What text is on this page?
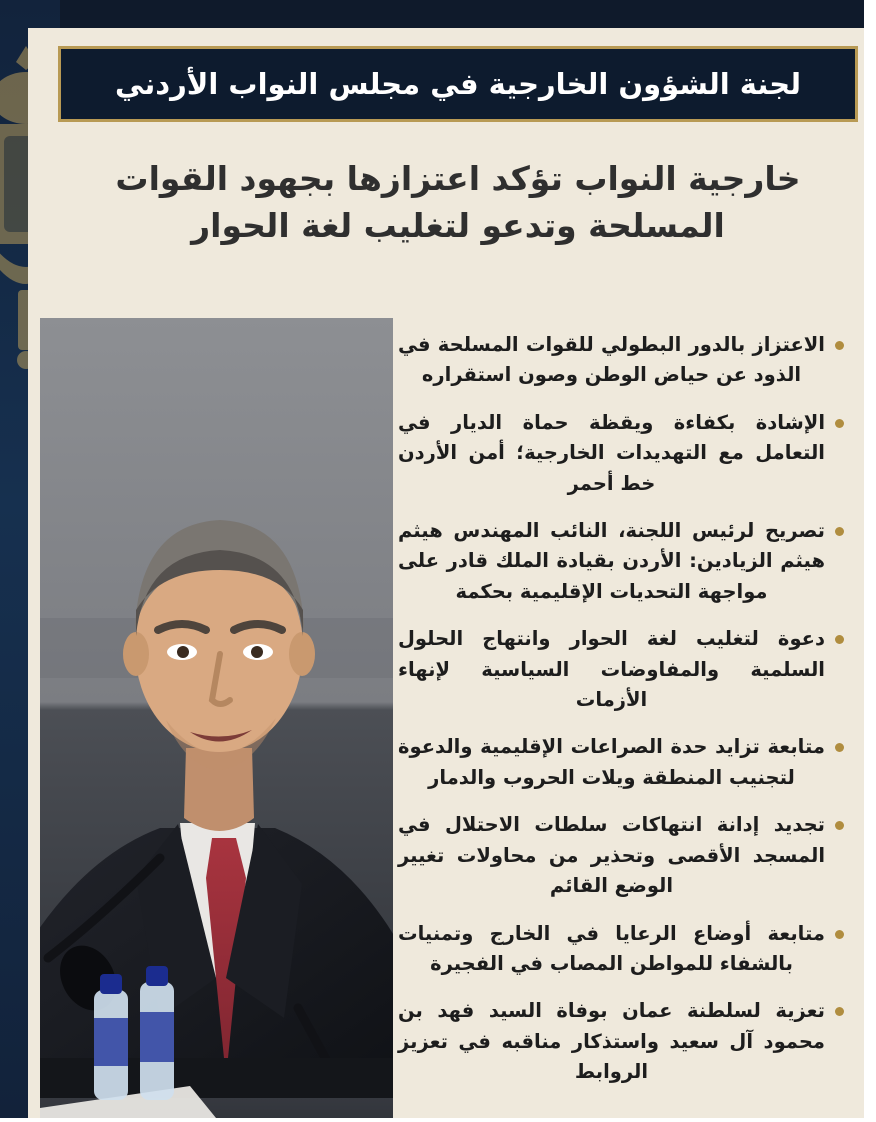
لجنة الشؤون الخارجية في مجلس النواب الأردني
خارجية النواب تؤكد اعتزازها بجهود القوات المسلحة وتدعو لتغليب لغة الحوار
الاعتزاز بالدور البطولي للقوات المسلحة في الذود عن حياض الوطن وصون استقراره
الإشادة بكفاءة ويقظة حماة الديار في التعامل مع التهديدات الخارجية؛ أمن الأردن خط أحمر
تصريح لرئيس اللجنة، النائب المهندس هيثم هيثم الزيادين: الأردن بقيادة الملك قادر على مواجهة التحديات الإقليمية بحكمة
دعوة لتغليب لغة الحوار وانتهاج الحلول السلمية والمفاوضات السياسية لإنهاء الأزمات
متابعة تزايد حدة الصراعات الإقليمية والدعوة لتجنيب المنطقة ويلات الحروب والدمار
تجديد إدانة انتهاكات سلطات الاحتلال في المسجد الأقصى وتحذير من محاولات تغيير الوضع القائم
متابعة أوضاع الرعايا في الخارج وتمنيات بالشفاء للمواطن المصاب في الفجيرة
تعزية لسلطنة عمان بوفاة السيد فهد بن محمود آل سعيد واستذكار مناقبه في تعزيز الروابط
